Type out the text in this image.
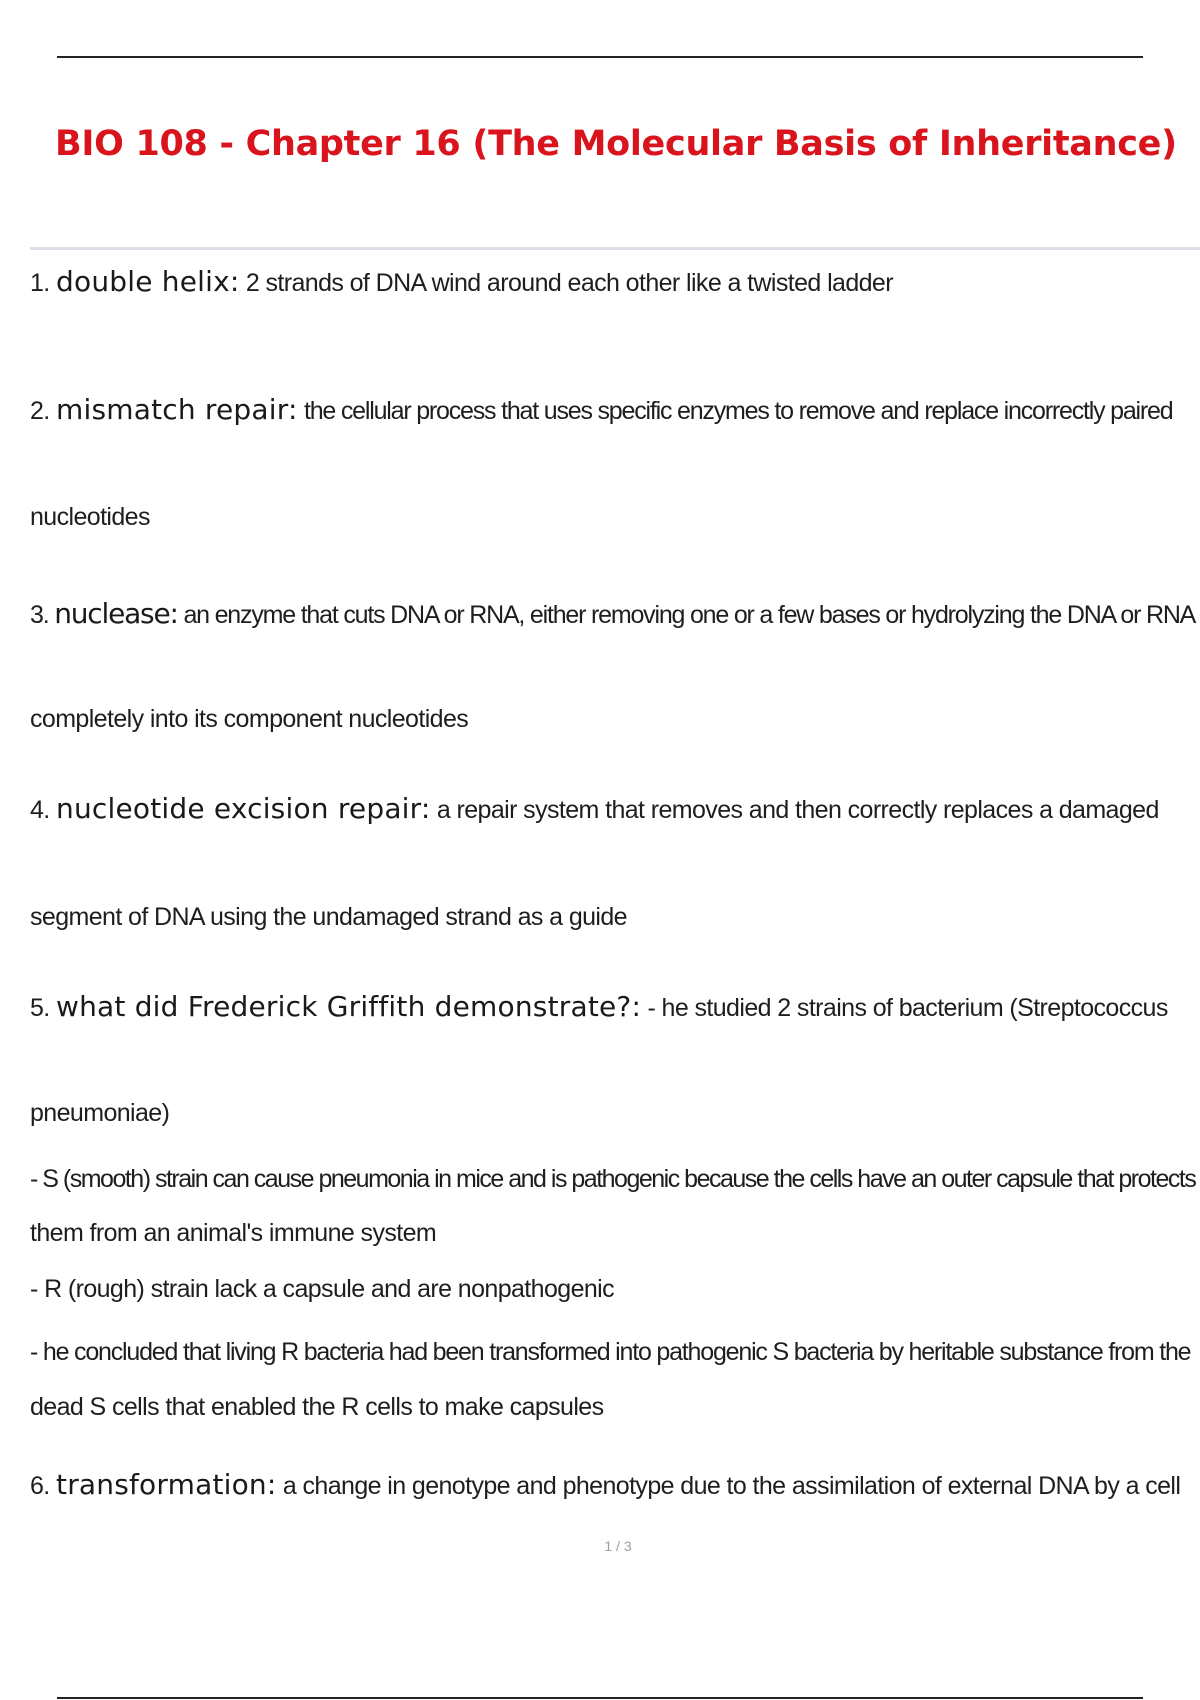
BIO 108 - Chapter 16 (The Molecular Basis of Inheritance)

1. double helix: 2 strands of DNA wind around each other like a twisted ladder

2. mismatch repair: the cellular process that uses specific enzymes to remove and replace incorrectly paired

nucleotides

3. nuclease: an enzyme that cuts DNA or RNA, either removing one or a few bases or hydrolyzing the DNA or RNA

completely into its component nucleotides

4. nucleotide excision repair: a repair system that removes and then correctly replaces a damaged

segment of DNA using the undamaged strand as a guide

5. what did Frederick Griffith demonstrate?: - he studied 2 strains of bacterium (Streptococcus

pneumoniae)

- S (smooth) strain can cause pneumonia in mice and is pathogenic because the cells have an outer capsule that protects

them from an animal's immune system

- R (rough) strain lack a capsule and are nonpathogenic

- he concluded that living R bacteria had been transformed into pathogenic S bacteria by heritable substance from the

dead S cells that enabled the R cells to make capsules

6. transformation: a change in genotype and phenotype due to the assimilation of external DNA by a cell

1 / 3
